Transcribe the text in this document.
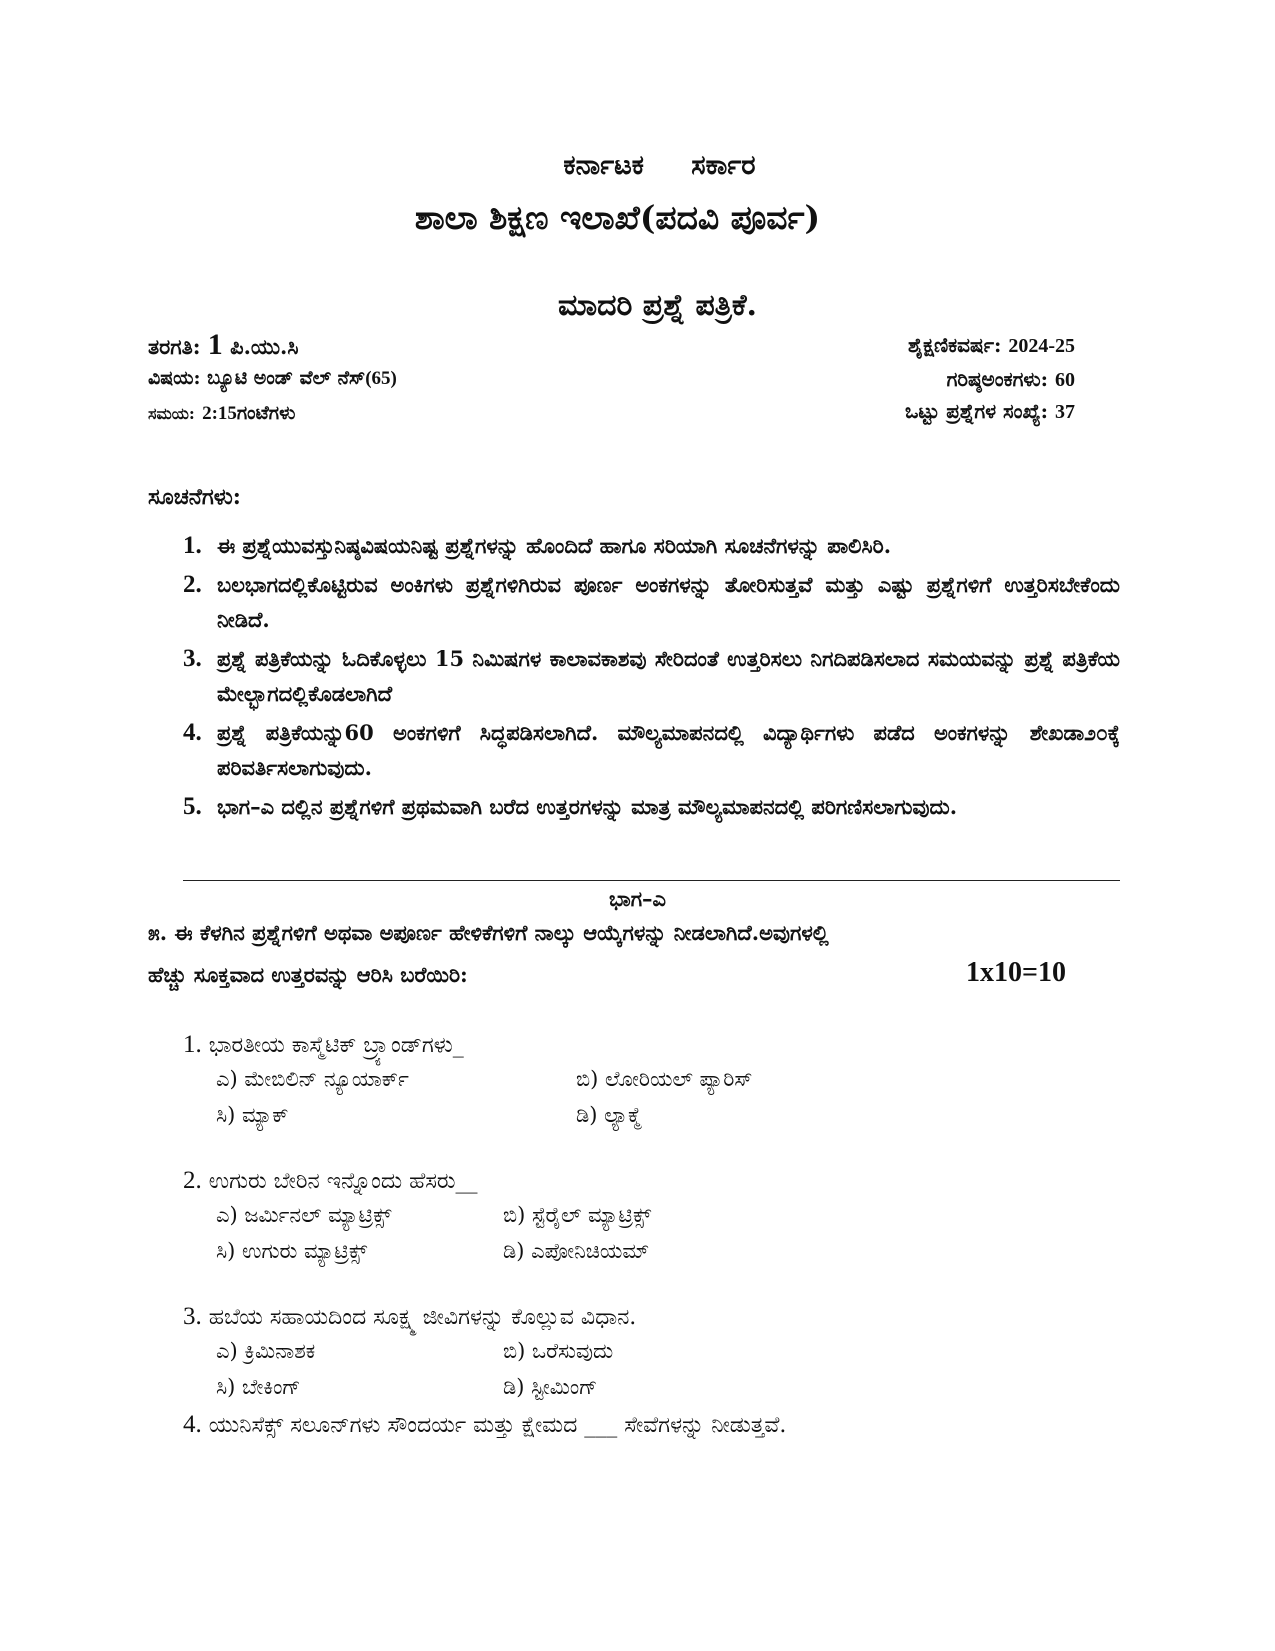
ಕರ್ನಾಟಕ ಸರ್ಕಾರ
ಶಾಲಾ ಶಿಕ್ಷಣ ಇಲಾಖೆ(ಪದವಿ ಪೂರ್ವ)
ಮಾದರಿ ಪ್ರಶ್ನೆ ಪತ್ರಿಕೆ.
ತರಗತಿ: 1 ಪಿ.ಯು.ಸಿ	ಶೈಕ್ಷಣಿಕವರ್ಷ: 2024-25
ವಿಷಯ: ಬ್ಯೂಟಿ ಅಂಡ್ ವೆಲ್ ನೆಸ್(65)	ಗರಿಷ್ಠಅಂಕಗಳು: 60
ಸಮಯ: 2:15ಗಂಟೆಗಳು	ಒಟ್ಟು ಪ್ರಶ್ನೆಗಳ ಸಂಖ್ಯೆ: 37
ಸೂಚನೆಗಳು:
1. ಈ ಪ್ರಶ್ನೆಯುವಸ್ತುನಿಷ್ಠವಿಷಯನಿಷ್ಟ ಪ್ರಶ್ನೆಗಳನ್ನು ಹೊಂದಿದೆ ಹಾಗೂ ಸರಿಯಾಗಿ ಸೂಚನೆಗಳನ್ನು ಪಾಲಿಸಿರಿ.
2. ಬಲಭಾಗದಲ್ಲಿಕೊಟ್ಟಿರುವ ಅಂಕಿಗಳು ಪ್ರಶ್ನೆಗಳಿಗಿರುವ ಪೂರ್ಣ ಅಂಕಗಳನ್ನು ತೋರಿಸುತ್ತವೆ ಮತ್ತು ಎಷ್ಟು ಪ್ರಶ್ನೆಗಳಿಗೆ ಉತ್ತರಿಸಬೇಕೆಂದು ನೀಡಿದೆ.
3. ಪ್ರಶ್ನೆ ಪತ್ರಿಕೆಯನ್ನು ಓದಿಕೊಳ್ಳಲು 15 ನಿಮಿಷಗಳ ಕಾಲಾವಕಾಶವು ಸೇರಿದಂತೆ ಉತ್ತರಿಸಲು ನಿಗದಿಪಡಿಸಲಾದ ಸಮಯವನ್ನು ಪ್ರಶ್ನೆ ಪತ್ರಿಕೆಯ ಮೇಲ್ಭಾಗದಲ್ಲಿಕೊಡಲಾಗಿದೆ
4. ಪ್ರಶ್ನೆ ಪತ್ರಿಕೆಯನ್ನು60 ಅಂಕಗಳಿಗೆ ಸಿದ್ಧಪಡಿಸಲಾಗಿದೆ. ಮೌಲ್ಯಮಾಪನದಲ್ಲಿ ವಿದ್ಯಾರ್ಥಿಗಳು ಪಡೆದ ಅಂಕಗಳನ್ನು ಶೇಖಡಾ೨೦ಕ್ಕೆ ಪರಿವರ್ತಿಸಲಾಗುವುದು.
5. ಭಾಗ–ಎ ದಲ್ಲಿನ ಪ್ರಶ್ನೆಗಳಿಗೆ ಪ್ರಥಮವಾಗಿ ಬರೆದ ಉತ್ತರಗಳನ್ನು ಮಾತ್ರ ಮೌಲ್ಯಮಾಪನದಲ್ಲಿ ಪರಿಗಣಿಸಲಾಗುವುದು.
ಭಾಗ–ಎ
೫. ಈ ಕೆಳಗಿನ ಪ್ರಶ್ನೆಗಳಿಗೆ ಅಥವಾ ಅಪೂರ್ಣ ಹೇಳಿಕೆಗಳಿಗೆ ನಾಲ್ಕು ಆಯ್ಕೆಗಳನ್ನು ನೀಡಲಾಗಿದೆ.ಅವುಗಳಲ್ಲಿ
ಹೆಚ್ಚು ಸೂಕ್ತವಾದ ಉತ್ತರವನ್ನು ಆರಿಸಿ ಬರೆಯಿರಿ:	1x10=10
1. ಭಾರತೀಯ ಕಾಸ್ಮೆಟಿಕ್ ಬ್ರ್ಯಾಂಡ್‌ಗಳು_
ಎ) ಮೇಬಿಲಿನ್ ನ್ಯೂಯಾರ್ಕ್	ಬಿ) ಲೋರಿಯಲ್ ಪ್ಯಾರಿಸ್
ಸಿ) ಮ್ಯಾಕ್	ಡಿ) ಲ್ಯಾಕ್ಮೆ
2. ಉಗುರು ಬೇರಿನ ಇನ್ನೊಂದು ಹೆಸರು__
ಎ) ಜರ್ಮಿನಲ್ ಮ್ಯಾಟ್ರಿಕ್ಸ್	ಬಿ) ಸ್ಟೆರೈಲ್ ಮ್ಯಾಟ್ರಿಕ್ಸ್
ಸಿ) ಉಗುರು ಮ್ಯಾಟ್ರಿಕ್ಸ್	ಡಿ) ಎಪೋನಿಚಿಯಮ್
3. ಹಬೆಯ ಸಹಾಯದಿಂದ ಸೂಕ್ಷ್ಮ ಜೀವಿಗಳನ್ನು ಕೊಲ್ಲುವ ವಿಧಾನ.
ಎ) ಕ್ರಿಮಿನಾಶಕ	ಬಿ) ಒರೆಸುವುದು
ಸಿ) ಬೇಕಿಂಗ್	ಡಿ) ಸ್ಟೀಮಿಂಗ್
4. ಯುನಿಸೆಕ್ಸ್ ಸಲೂನ್‌ಗಳು ಸೌಂದರ್ಯ ಮತ್ತು ಕ್ಷೇಮದ ___ ಸೇವೆಗಳನ್ನು ನೀಡುತ್ತವೆ.
